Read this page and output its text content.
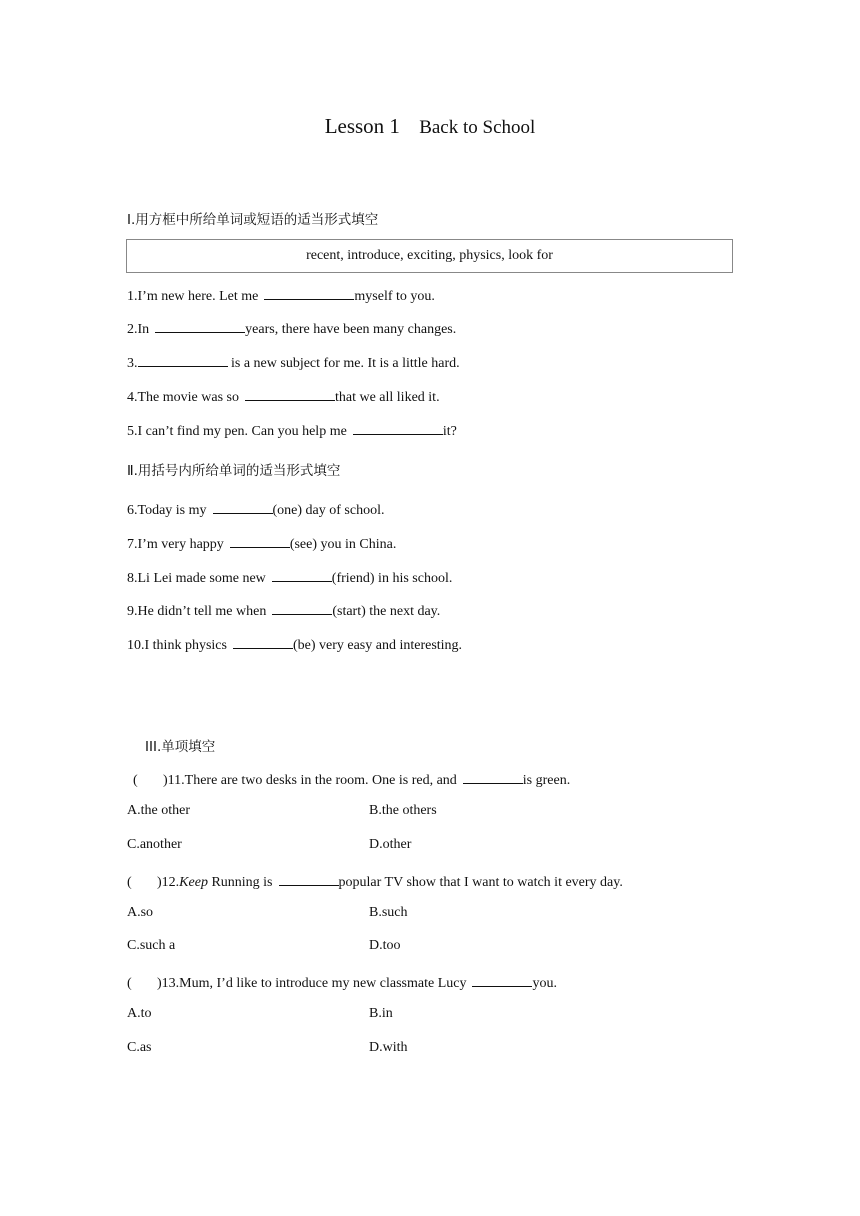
Lesson 1 Back to School
Ⅰ.用方框中所给单词或短语的适当形式填空
recent, introduce, exciting, physics, look for
1.I’m new here. Let me	myself to you.
2.In	years, there have been many changes.
3.	is a new subject for me. It is a little hard.
4.The movie was so	that we all liked it.
5.I can’t find my pen. Can you help me	it?
Ⅱ.用括号内所给单词的适当形式填空
6.Today is my	(one) day of school.
7.I’m very happy	(see) you in China.
8.Li Lei made some new	(friend) in his school.
9.He didn’t tell me when	(start) the next day.
10.I think physics	(be) very easy and interesting.
III.单项填空
( )11.There are two desks in the room. One is red, and	is green.
A.the other	B.the others
C.another	D.other
( )12.Keep Running is	popular TV show that I want to watch it every day.
A.so	B.such
C.such a	D.too
( )13.Mum, I’d like to introduce my new classmate Lucy	you.
A.to	B.in
C.as	D.with
